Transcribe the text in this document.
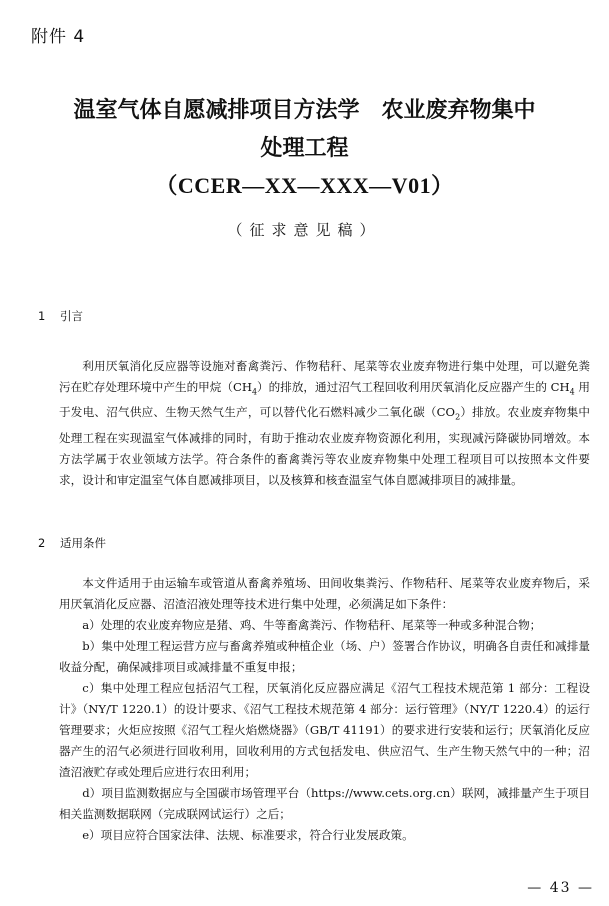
附件 4
温室气体自愿减排项目方法学　农业废弃物集中
处理工程
（CCER—XX—XXX—V01）
（征求意见稿）
1 引言

利用厌氧消化反应器等设施对畜禽粪污、作物秸秆、尾菜等农业废弃物进行集中处理，可以避免粪污在贮存处理环境中产生的甲烷$(CH_4)$的排放，通过沼气工程回收利用厌氧消化反应器产生的 $CH_4$ 用于发电、沼气供应、生物天然气生产，可以替代化石燃料减少二氧化碳$(CO_2)$排放。农业废弃物集中处理工程在实现温室气体减排的同时，有助于推动农业废弃物资源化利用，实现减污降碳协同增效。本方法学属于农业领域方法学。符合条件的畜禽粪污等农业废弃物集中处理工程项目可以按照本文件要求，设计和审定温室气体自愿减排项目，以及核算和核查温室气体自愿减排项目的减排量。

2 适用条件

本文件适用于由运输车或管道从畜禽养殖场、田间收集粪污、作物秸秆、尾菜等农业废弃物后，采用厌氧消化反应器、沼渣沼液处理等技术进行集中处理，必须满足如下条件：

a）处理的农业废弃物应是猪、鸡、牛等畜禽粪污、作物秸秆、尾菜等一种或多种混合物；

b）集中处理工程运营方应与畜禽养殖或种植企业（场、户）签署合作协议，明确各自责任和减排量收益分配，确保减排项目或减排量不重复申报；

c）集中处理工程应包括沼气工程，厌氧消化反应器应满足《沼气工程技术规范第 1 部分：工程设计》（NY/T 1220.1）的设计要求、《沼气工程技术规范第 4 部分：运行管理》（NY/T 1220.4）的运行管理要求；火炬应按照《沼气工程火焰燃烧器》（GB/T 41191）的要求进行安装和运行；厌氧消化反应器产生的沼气必须进行回收利用，回收利用的方式包括发电、供应沼气、生产生物天然气中的一种；沼渣沼液贮存或处理后应进行农田利用；

d）项目监测数据应与全国碳市场管理平台（https://www.cets.org.cn）联网，减排量产生于项目相关监测数据联网（完成联网试运行）之后；

e）项目应符合国家法律、法规、标准要求，符合行业发展政策。

— 43 —
